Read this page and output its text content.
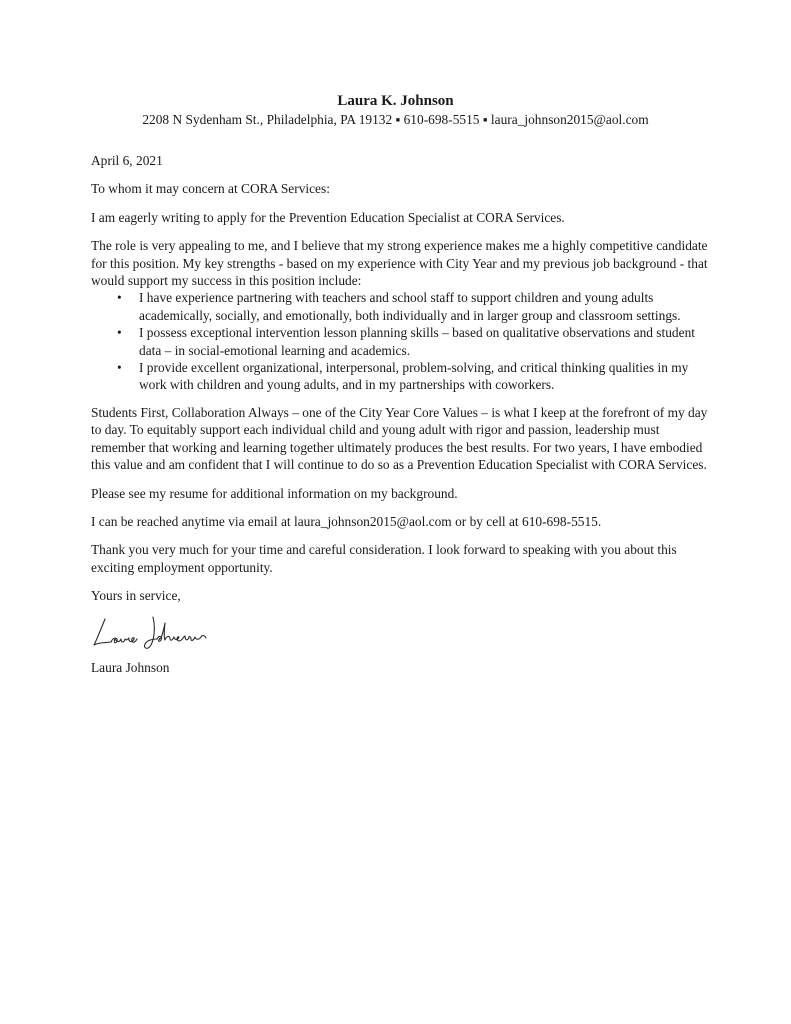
Laura K. Johnson

2208 N Sydenham St., Philadelphia, PA 19132 ▪ 610-698-5515 ▪ laura_johnson2015@aol.com

April 6, 2021

To whom it may concern at CORA Services:

I am eagerly writing to apply for the Prevention Education Specialist at CORA Services.

The role is very appealing to me, and I believe that my strong experience makes me a highly competitive candidate for this position. My key strengths - based on my experience with City Year and my previous job background - that would support my success in this position include:

• I have experience partnering with teachers and school staff to support children and young adults academically, socially, and emotionally, both individually and in larger group and classroom settings.
• I possess exceptional intervention lesson planning skills – based on qualitative observations and student data – in social-emotional learning and academics.
• I provide excellent organizational, interpersonal, problem-solving, and critical thinking qualities in my work with children and young adults, and in my partnerships with coworkers.

Students First, Collaboration Always – one of the City Year Core Values – is what I keep at the forefront of my day to day. To equitably support each individual child and young adult with rigor and passion, leadership must remember that working and learning together ultimately produces the best results. For two years, I have embodied this value and am confident that I will continue to do so as a Prevention Education Specialist with CORA Services.

Please see my resume for additional information on my background.

I can be reached anytime via email at laura_johnson2015@aol.com or by cell at 610-698-5515.

Thank you very much for your time and careful consideration. I look forward to speaking with you about this exciting employment opportunity.

Yours in service,

Laura Johnson
